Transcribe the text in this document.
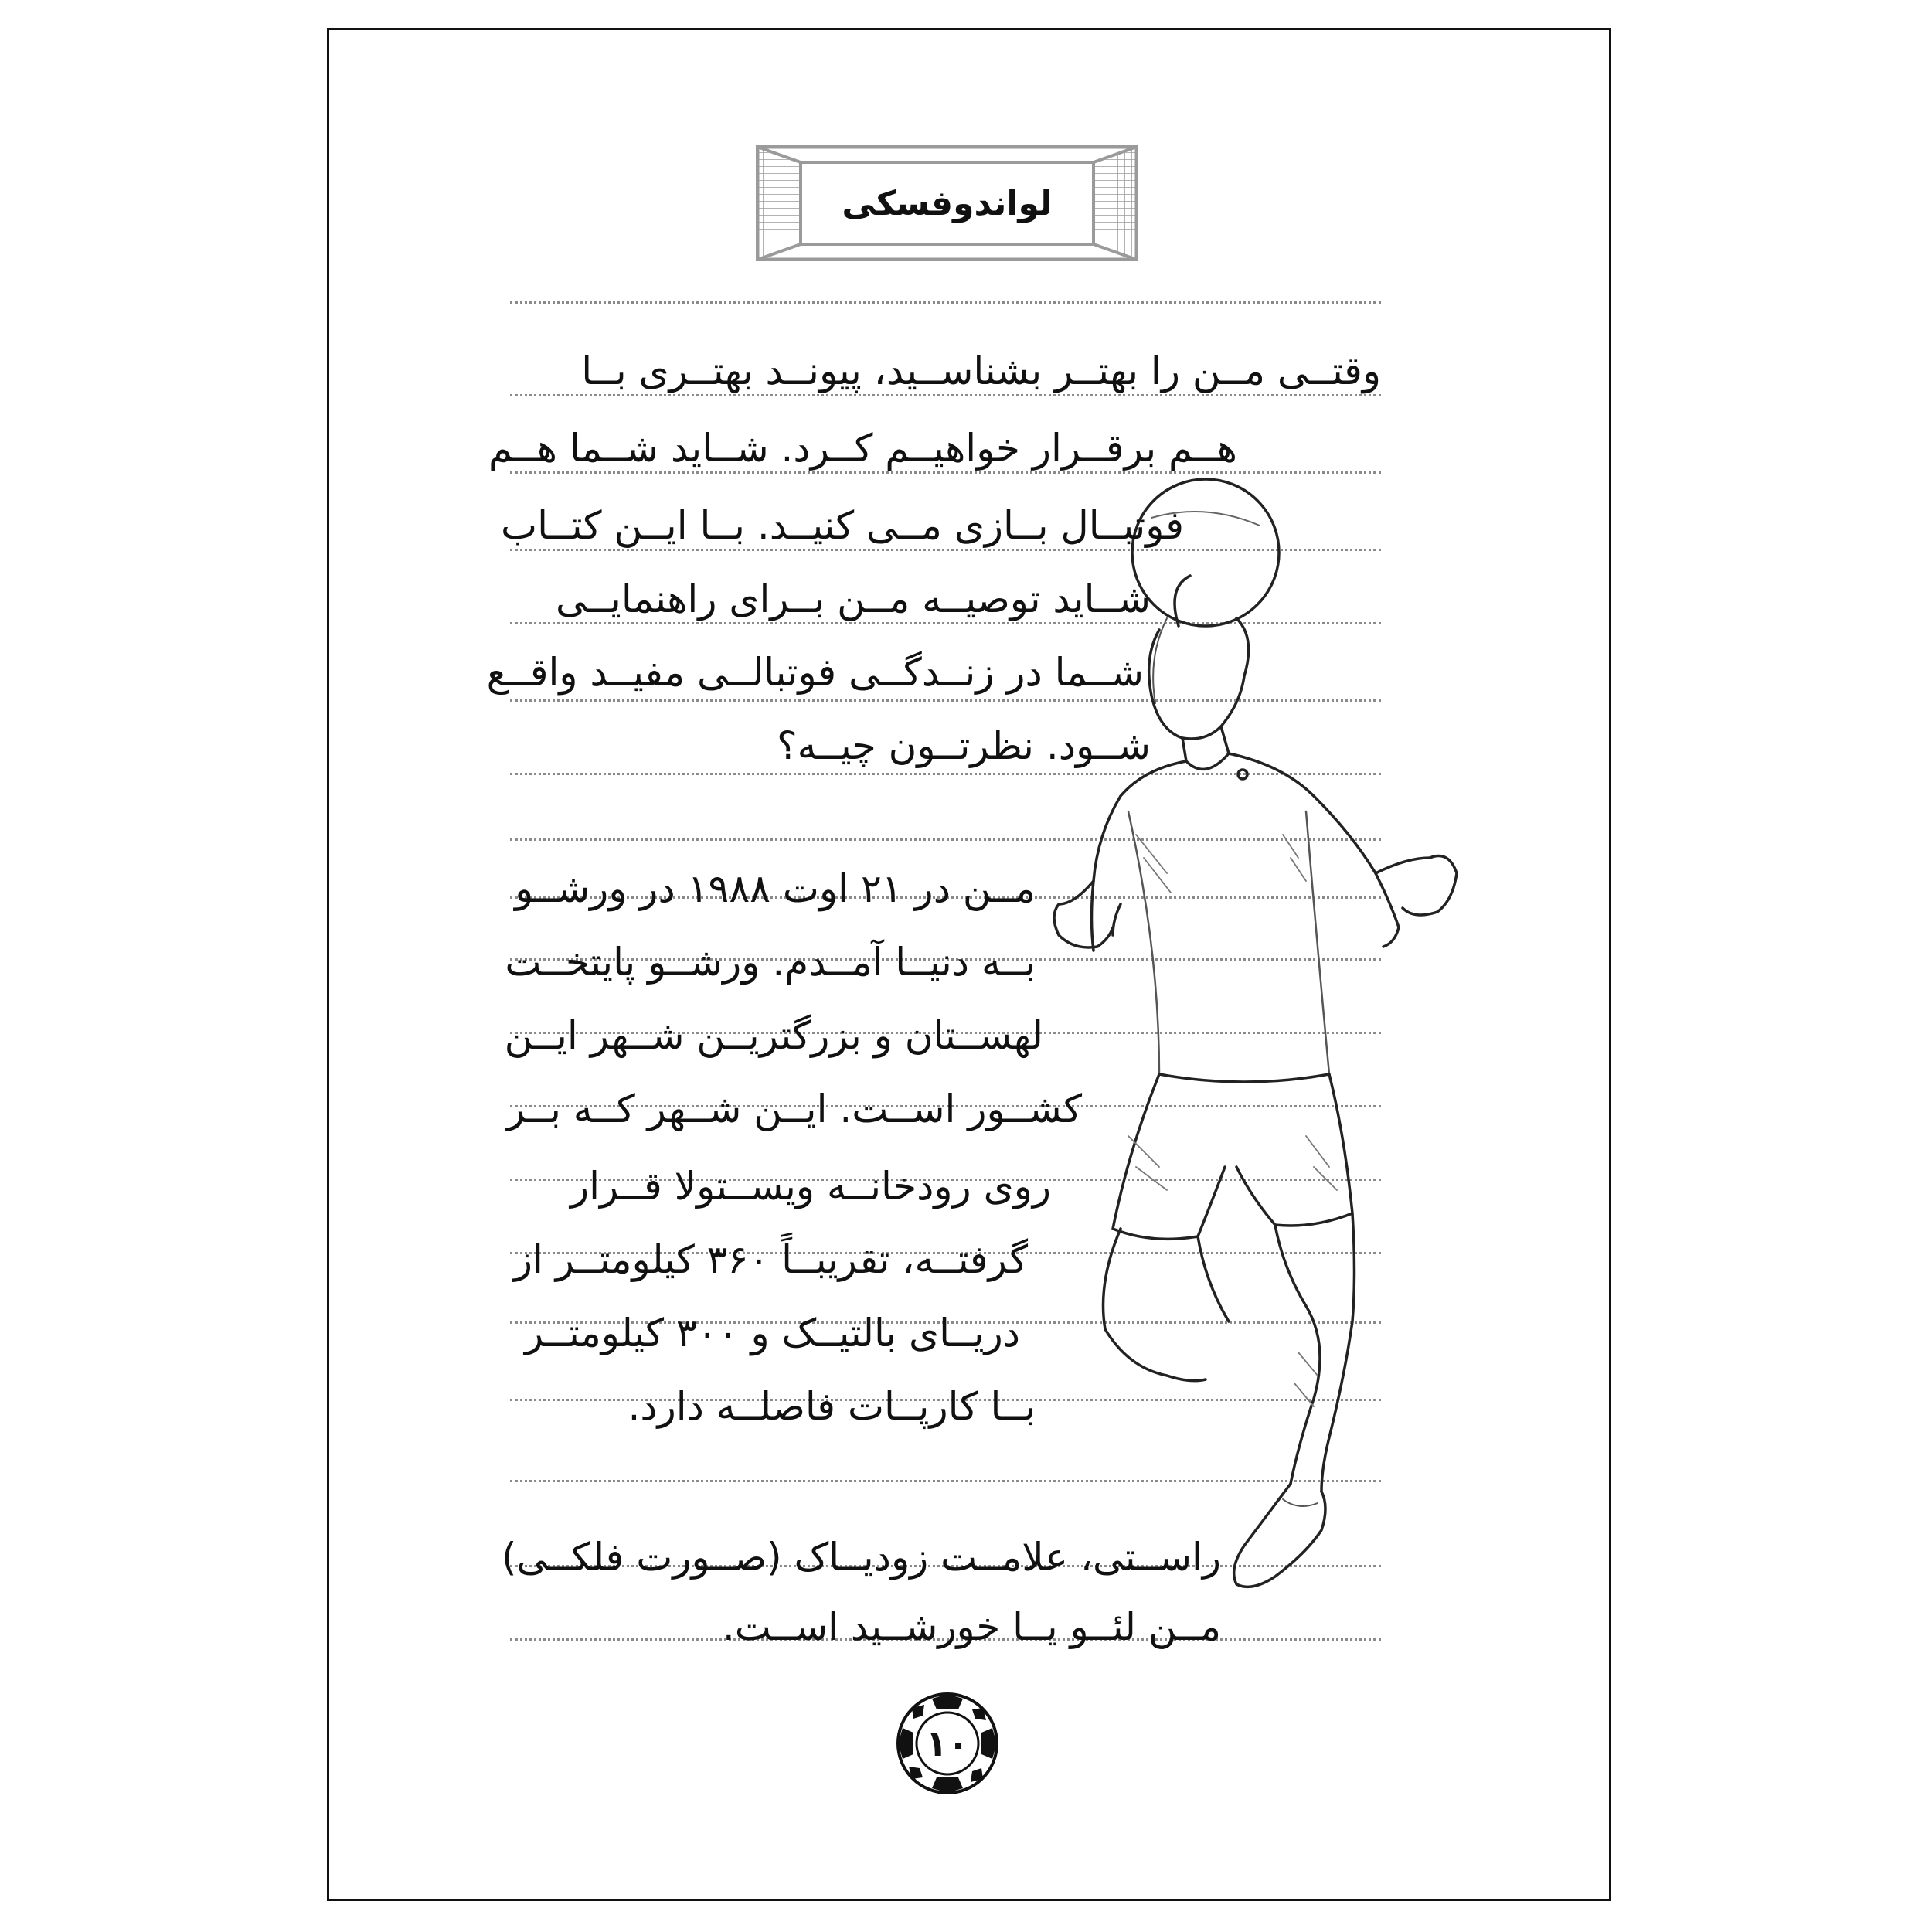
لواندوفسکی
وقتــی مــن را بهتــر بشناســید، پیونــد بهتــری بــا
هــم برقــرار خواهیــم کــرد. شــاید شــما هــم
فوتبــال بــازی مــی کنیــد. بــا ایــن کتــاب
شــاید توصیــه مــن بــرای راهنمایــی
شــما در زنــدگــی فوتبالــی مفیــد واقــع
شــود. نظرتــون چیــه؟
مــن در ۲۱ اوت ۱۹۸۸ در ورشــو
بــه دنیــا آمــدم. ورشــو پایتخــت
لهســتان و بزرگتریــن شــهر ایــن
کشــور اســت. ایــن شــهر کــه بــر
روی رودخانــه ویســتولا قــرار
گرفتــه، تقریبــاً ۳۶۰ کیلومتــر از
دریــای بالتیــک و ۳۰۰ کیلومتــر
بــا کارپــات فاصلــه دارد.
راســتی، علامــت زودیــاک (صــورت فلکــی)
مــن لئــو یــا خورشــید اســت.
۱۰
